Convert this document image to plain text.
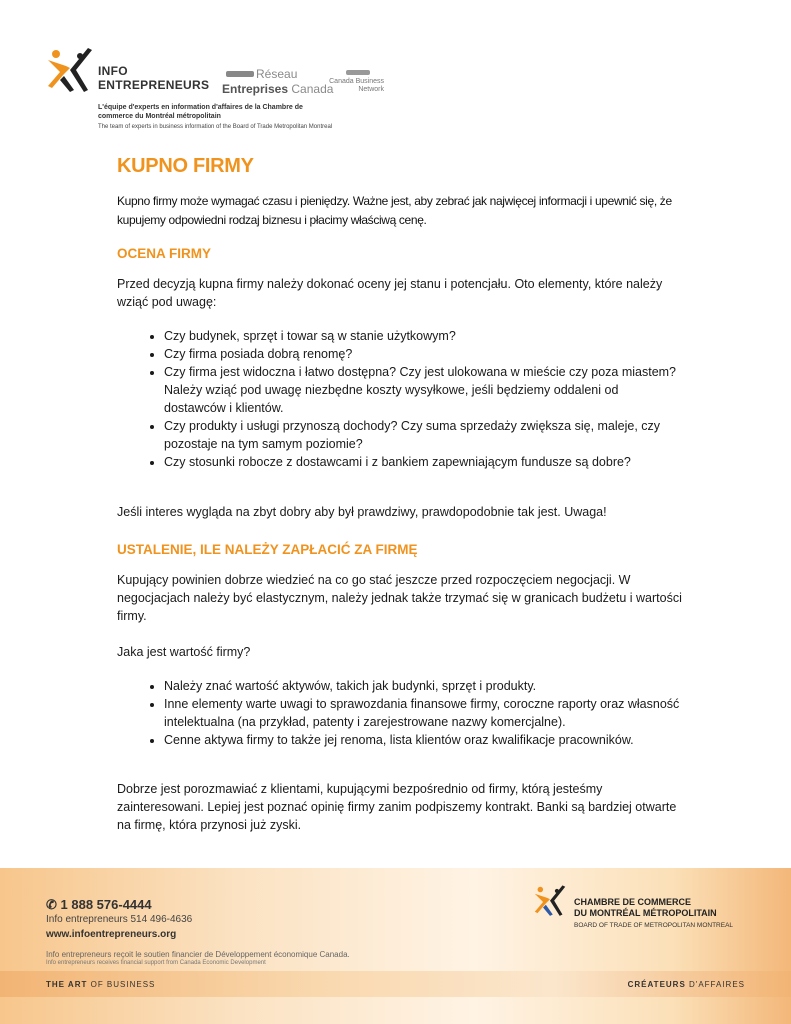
INFO
ENTREPRENEURS
Réseau
Entreprises Canada
Canada Business
Network
L'équipe d'experts en information d'affaires de la Chambre de commerce du Montréal métropolitain
The team of experts in business information of the Board of Trade Metropolitan Montreal
KUPNO FIRMY

Kupno firmy może wymagać czasu i pieniędzy. Ważne jest, aby zebrać jak najwięcej informacji i upewnić się, że kupujemy odpowiedni rodzaj biznesu i płacimy właściwą cenę.

OCENA FIRMY

Przed decyzją kupna firmy należy dokonać oceny jej stanu i potencjału. Oto elementy, które należy wziąć pod uwagę:

• Czy budynek, sprzęt i towar są w stanie użytkowym?
• Czy firma posiada dobrą renomę?
• Czy firma jest widoczna i łatwo dostępna? Czy jest ulokowana w mieście czy poza miastem? Należy wziąć pod uwagę niezbędne koszty wysyłkowe, jeśli będziemy oddaleni od dostawców i klientów.
• Czy produkty i usługi przynoszą dochody? Czy suma sprzedaży zwiększa się, maleje, czy pozostaje na tym samym poziomie?
• Czy stosunki robocze z dostawcami i z bankiem zapewniającym fundusze są dobre?

Jeśli interes wygląda na zbyt dobry aby był prawdziwy, prawdopodobnie tak jest. Uwaga!

USTALENIE, ILE NALEŻY ZAPŁACIĆ ZA FIRMĘ

Kupujący powinien dobrze wiedzieć na co go stać jeszcze przed rozpoczęciem negocjacji. W negocjacjach należy być elastycznym, należy jednak także trzymać się w granicach budżetu i wartości firmy.

Jaka jest wartość firmy?

• Należy znać wartość aktywów, takich jak budynki, sprzęt i produkty.
• Inne elementy warte uwagi to sprawozdania finansowe firmy, coroczne raporty oraz własność intelektualna (na przykład, patenty i zarejestrowane nazwy komercjalne).
• Cenne aktywa firmy to także jej renoma, lista klientów oraz kwalifikacje pracowników.

Dobrze jest porozmawiać z klientami, kupującymi bezpośrednio od firmy, którą jesteśmy zainteresowani. Lepiej jest poznać opinię firmy zanim podpiszemy kontrakt. Banki są bardziej otwarte na firmę, która przynosi już zyski.

✆ 1 888 576-4444
Info entrepreneurs 514 496-4636
www.infoentrepreneurs.org
Info entrepreneurs reçoit le soutien financier de Développement économique Canada.
Info entrepreneurs receives financial support from Canada Economic Development
THE ART OF BUSINESS	CRÉATEURS D'AFFAIRES
CHAMBRE DE COMMERCE
DU MONTRÉAL MÉTROPOLITAIN
BOARD OF TRADE OF METROPOLITAN MONTREAL
